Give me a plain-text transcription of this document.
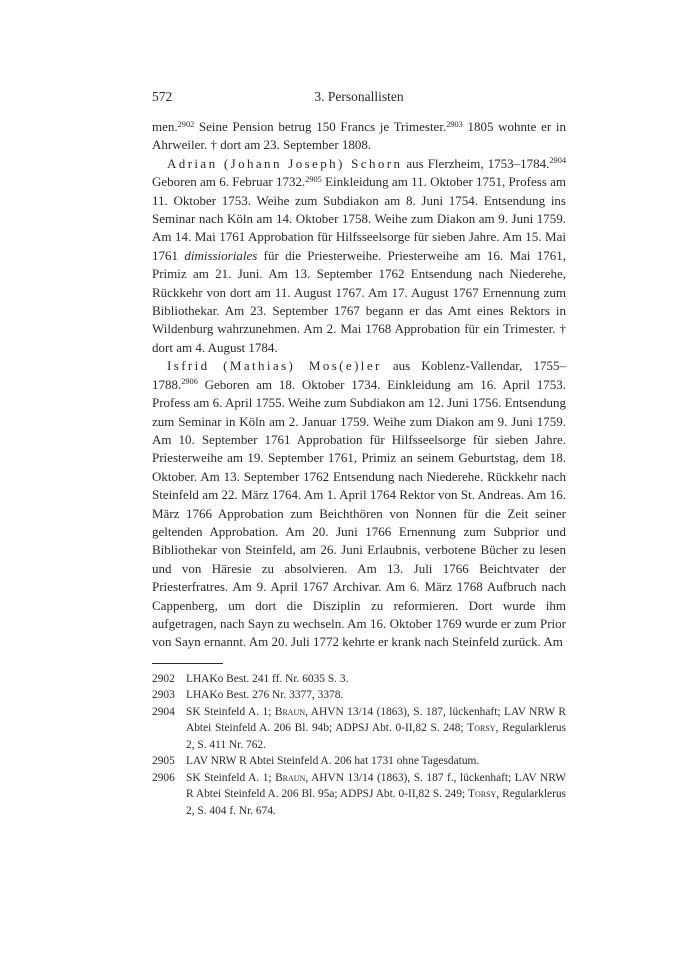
572	3. Personallisten

men.$^{2902}$ Seine Pension betrug 150 Francs je Trimester.$^{2903}$ 1805 wohnte er in Ahrweiler. † dort am 23. September 1808.

Adrian (Johann Joseph) Schorn aus Flerzheim, 1753–1784.$^{2904}$ Geboren am 6. Februar 1732.$^{2905}$ Einkleidung am 11. Oktober 1751, Profess am 11. Oktober 1753. Weihe zum Subdiakon am 8. Juni 1754. Entsendung ins Seminar nach Köln am 14. Oktober 1758. Weihe zum Diakon am 9. Juni 1759. Am 14. Mai 1761 Approbation für Hilfsseelsorge für sieben Jahre. Am 15. Mai 1761 dimissioriales für die Priesterweihe. Priesterweihe am 16. Mai 1761, Primiz am 21. Juni. Am 13. September 1762 Entsendung nach Niederehe, Rückkehr von dort am 11. August 1767. Am 17. August 1767 Ernennung zum Bibliothekar. Am 23. September 1767 begann er das Amt eines Rektors in Wildenburg wahrzunehmen. Am 2. Mai 1768 Approbation für ein Trimester. † dort am 4. August 1784.

Isfrid (Mathias) Mos(e)ler aus Koblenz-Vallendar, 1755–1788.$^{2906}$ Geboren am 18. Oktober 1734. Einkleidung am 16. April 1753. Profess am 6. April 1755. Weihe zum Subdiakon am 12. Juni 1756. Entsendung zum Seminar in Köln am 2. Januar 1759. Weihe zum Diakon am 9. Juni 1759. Am 10. September 1761 Approbation für Hilfsseelsorge für sieben Jahre. Priesterweihe am 19. September 1761, Primiz an seinem Geburtstag, dem 18. Oktober. Am 13. September 1762 Entsendung nach Niederehe. Rückkehr nach Steinfeld am 22. März 1764. Am 1. April 1764 Rektor von St. Andreas. Am 16. März 1766 Approbation zum Beichthören von Nonnen für die Zeit seiner geltenden Approbation. Am 20. Juni 1766 Ernennung zum Subprior und Bibliothekar von Steinfeld, am 26. Juni Erlaubnis, verbotene Bücher zu lesen und von Häresie zu absolvieren. Am 13. Juli 1766 Beichtvater der Priesterfratres. Am 9. April 1767 Archivar. Am 6. März 1768 Aufbruch nach Cappenberg, um dort die Disziplin zu reformieren. Dort wurde ihm aufgetragen, nach Sayn zu wechseln. Am 16. Oktober 1769 wurde er zum Prior von Sayn ernannt. Am 20. Juli 1772 kehrte er krank nach Steinfeld zurück. Am

2902 LHAKo Best. 241 ff. Nr. 6035 S. 3.
2903 LHAKo Best. 276 Nr. 3377, 3378.
2904 SK Steinfeld A. 1; Braun, AHVN 13/14 (1863), S. 187, lückenhaft; LAV NRW R Abtei Steinfeld A. 206 Bl. 94b; ADPSJ Abt. 0-II,82 S. 248; Torsy, Regularklerus 2, S. 411 Nr. 762.
2905 LAV NRW R Abtei Steinfeld A. 206 hat 1731 ohne Tagesdatum.
2906 SK Steinfeld A. 1; Braun, AHVN 13/14 (1863), S. 187 f., lückenhaft; LAV NRW R Abtei Steinfeld A. 206 Bl. 95a; ADPSJ Abt. 0-II,82 S. 249; Torsy, Regularklerus 2, S. 404 f. Nr. 674.
